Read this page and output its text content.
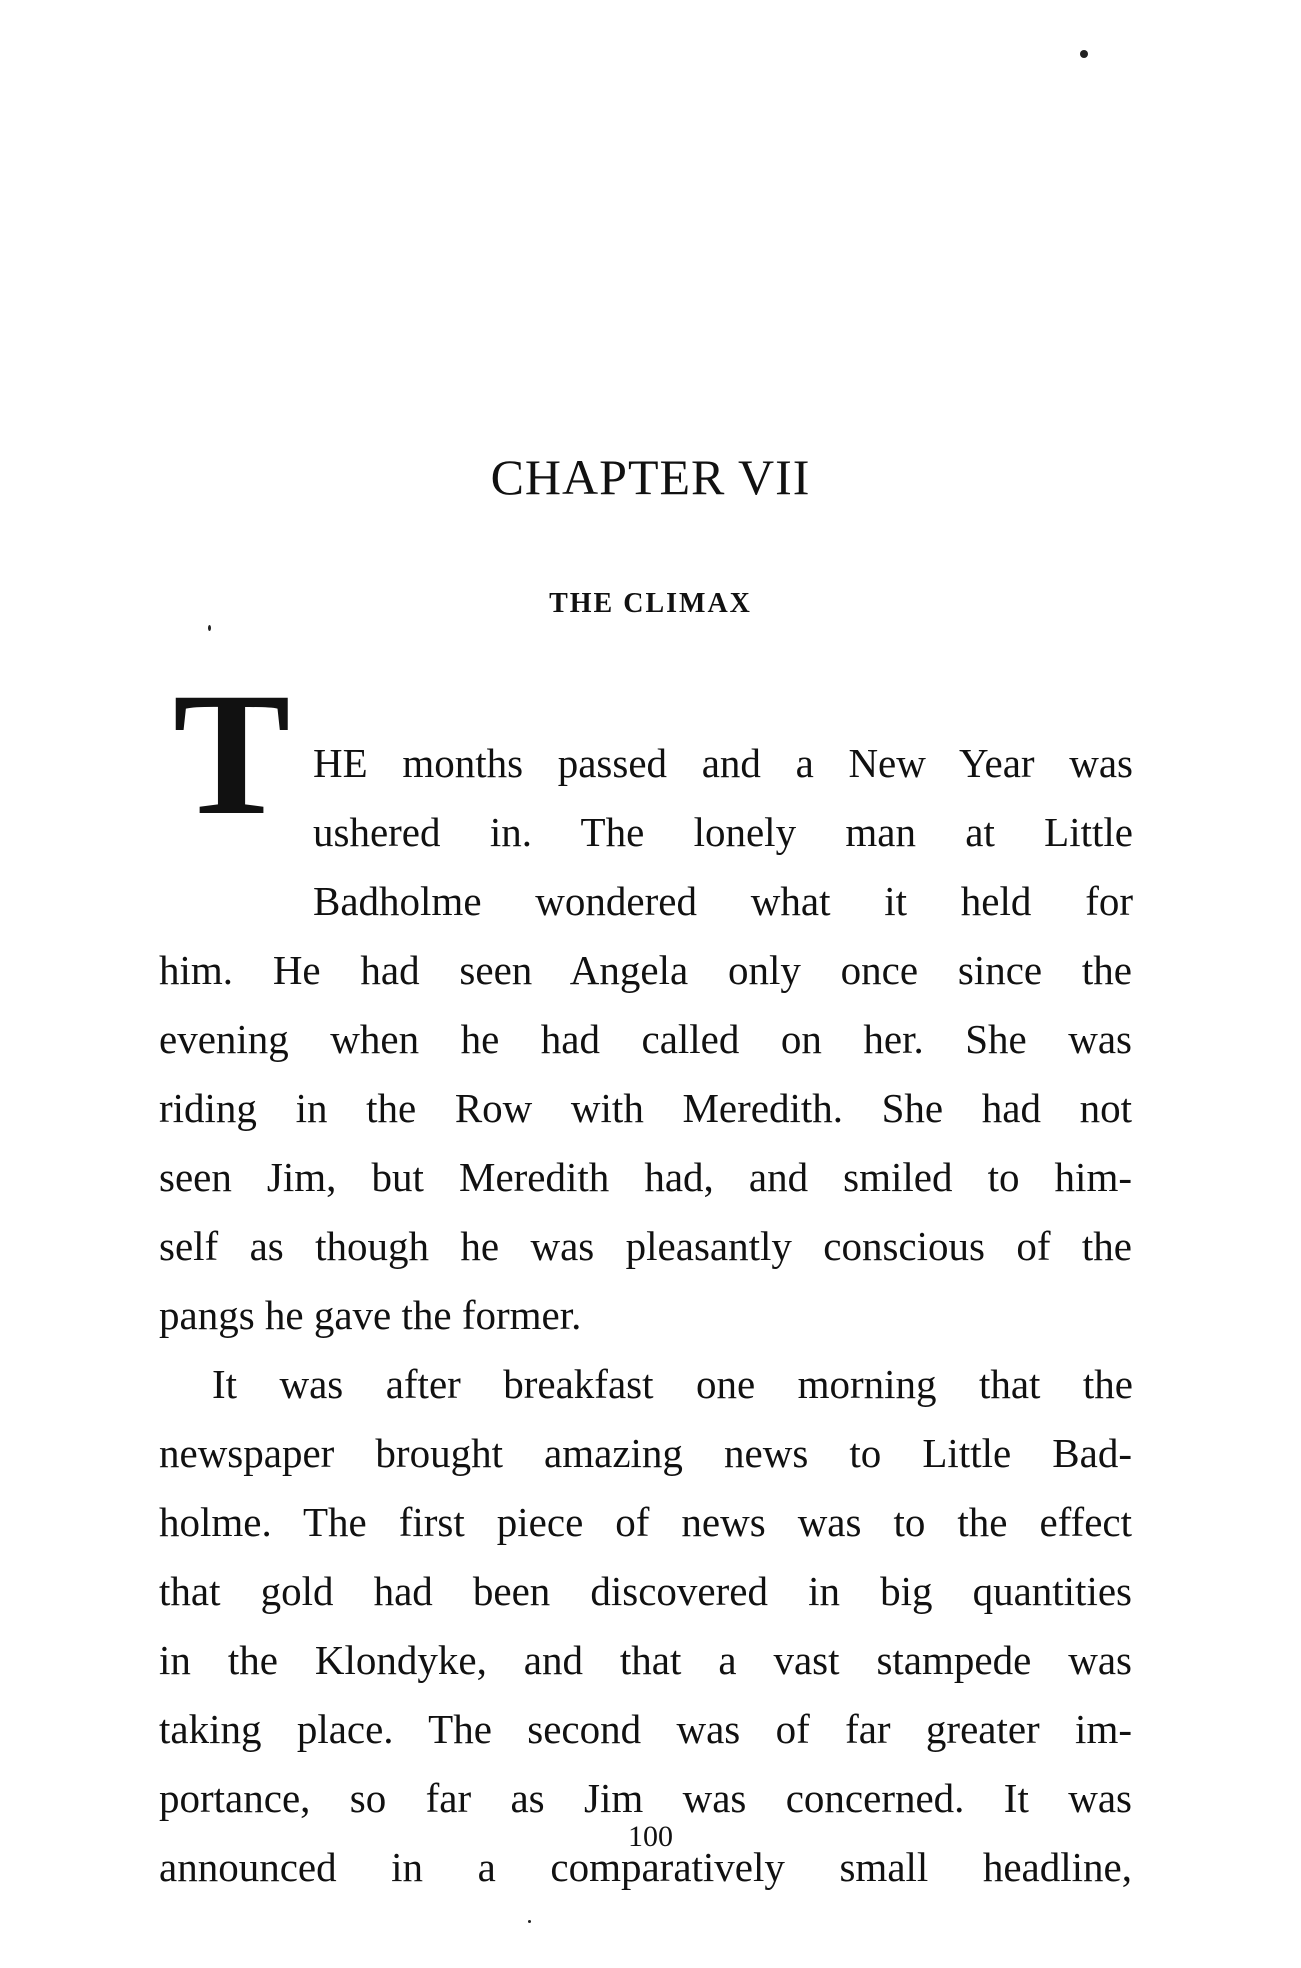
CHAPTER VII
THE CLIMAX
T HE months passed and a New Year was
ushered in. The lonely man at Little
Badholme wondered what it held for
him. He had seen Angela only once since the
evening when he had called on her. She was
riding in the Row with Meredith. She had not
seen Jim, but Meredith had, and smiled to him-
self as though he was pleasantly conscious of the
pangs he gave the former.
It was after breakfast one morning that the
newspaper brought amazing news to Little Bad-
holme. The first piece of news was to the effect
that gold had been discovered in big quantities
in the Klondyke, and that a vast stampede was
taking place. The second was of far greater im-
portance, so far as Jim was concerned. It was
announced in a comparatively small headline,
100
